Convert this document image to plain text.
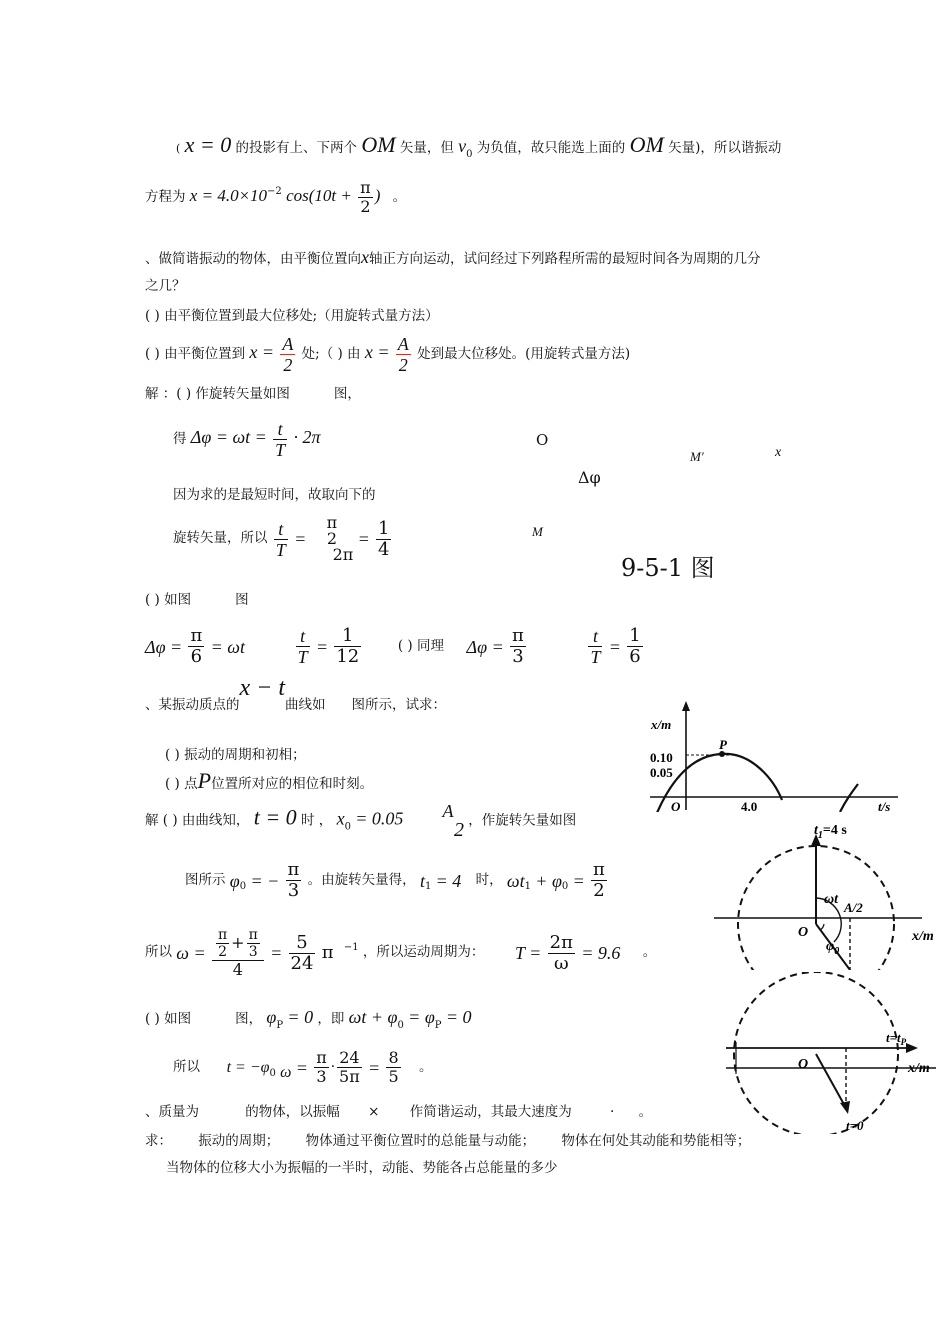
( x = 0 的投影有上、下两个 OM 矢量，但 $v_0$ 为负值，故只能选上面的 OM 矢量)，所以谐振动
方程为 $x = 4.0\times 10^{-2}$ $\cos(10t + \frac{\pi}{2}$ ) 。
、做简谐振动的物体，由平衡位置向x轴正方向运动，试问经过下列路程所需的最短时间各为周期的几分
之几？
( ) 由平衡位置到最大位移处;（用旋转式量方法）
( ) 由平衡位置到 $x = \frac{A}{2}$ 处;（ ) 由 $x = \frac{A}{2}$ 处到最大位移处。(用旋转式量方法)
解 ：( ) 作旋转矢量如图	图，
得 $\Delta\varphi = \omega t = \frac{t}{T} \cdot 2\pi$
因为求的是最短时间，故取向下的
旋转矢量，所以 $\frac{t}{T}$ =
π
2
2π
= $\frac{1}{4}$
( ) 如图	图
$\Delta\varphi = \frac{\pi}{6} = \omega t$	$\frac{t}{T} = \frac{1}{12}$	( ) 同理 $\Delta\varphi = \frac{\pi}{3}$
	$\frac{t}{T} = \frac{1}{6}$
O
M′	x
Δφ
M
9-5-1 图
、某振动质点的x − t曲线如 图所示，试求：
( ) 振动的周期和初相；
( ) 点P位置所对应的相位和时刻。
解 ( ) 由曲线知， t = 0 时 ， $x_0 = 0.05$	A
2 ，作旋转矢量如图
图所示 $\varphi_0$ = − $\frac{\pi}{3}$ 。由旋转矢量得， $t_1 = 4$ 时， $\omega t_1 + \varphi_0 = \frac{\pi}{2}$
所以 $\omega = \frac{\frac{\pi}{2} + \frac{\pi}{3}}{4} = \frac{5}{24}$ π $^{-1}$ ，所以运动周期为： $T = \frac{2\pi}{\omega} = 9.6$ 。
( ) 如图	图， $\varphi_P = 0$ ，即 $\omega t + \varphi_0 = \varphi_P = 0$
所以 $t = -\varphi_0$ $\omega = \frac{\pi}{3} \cdot \frac{24}{5\pi} = \frac{8}{5}$ 。
、质量为	的物体，以振幅 × 作简谐运动，其最大速度为	· 。
求： 振动的周期； 物体通过平衡位置时的总能量与动能； 物体在何处其动能和势能相等；
当物体的位移大小为振幅的一半时，动能、势能各占总能量的多少
x/m
0.10
0.05
P
O	4.0	t/s
$t_1=4$ s
ωt
A/2
O
$\varphi_0$
x/m
$t=t_P$
O	x/m
t=0
